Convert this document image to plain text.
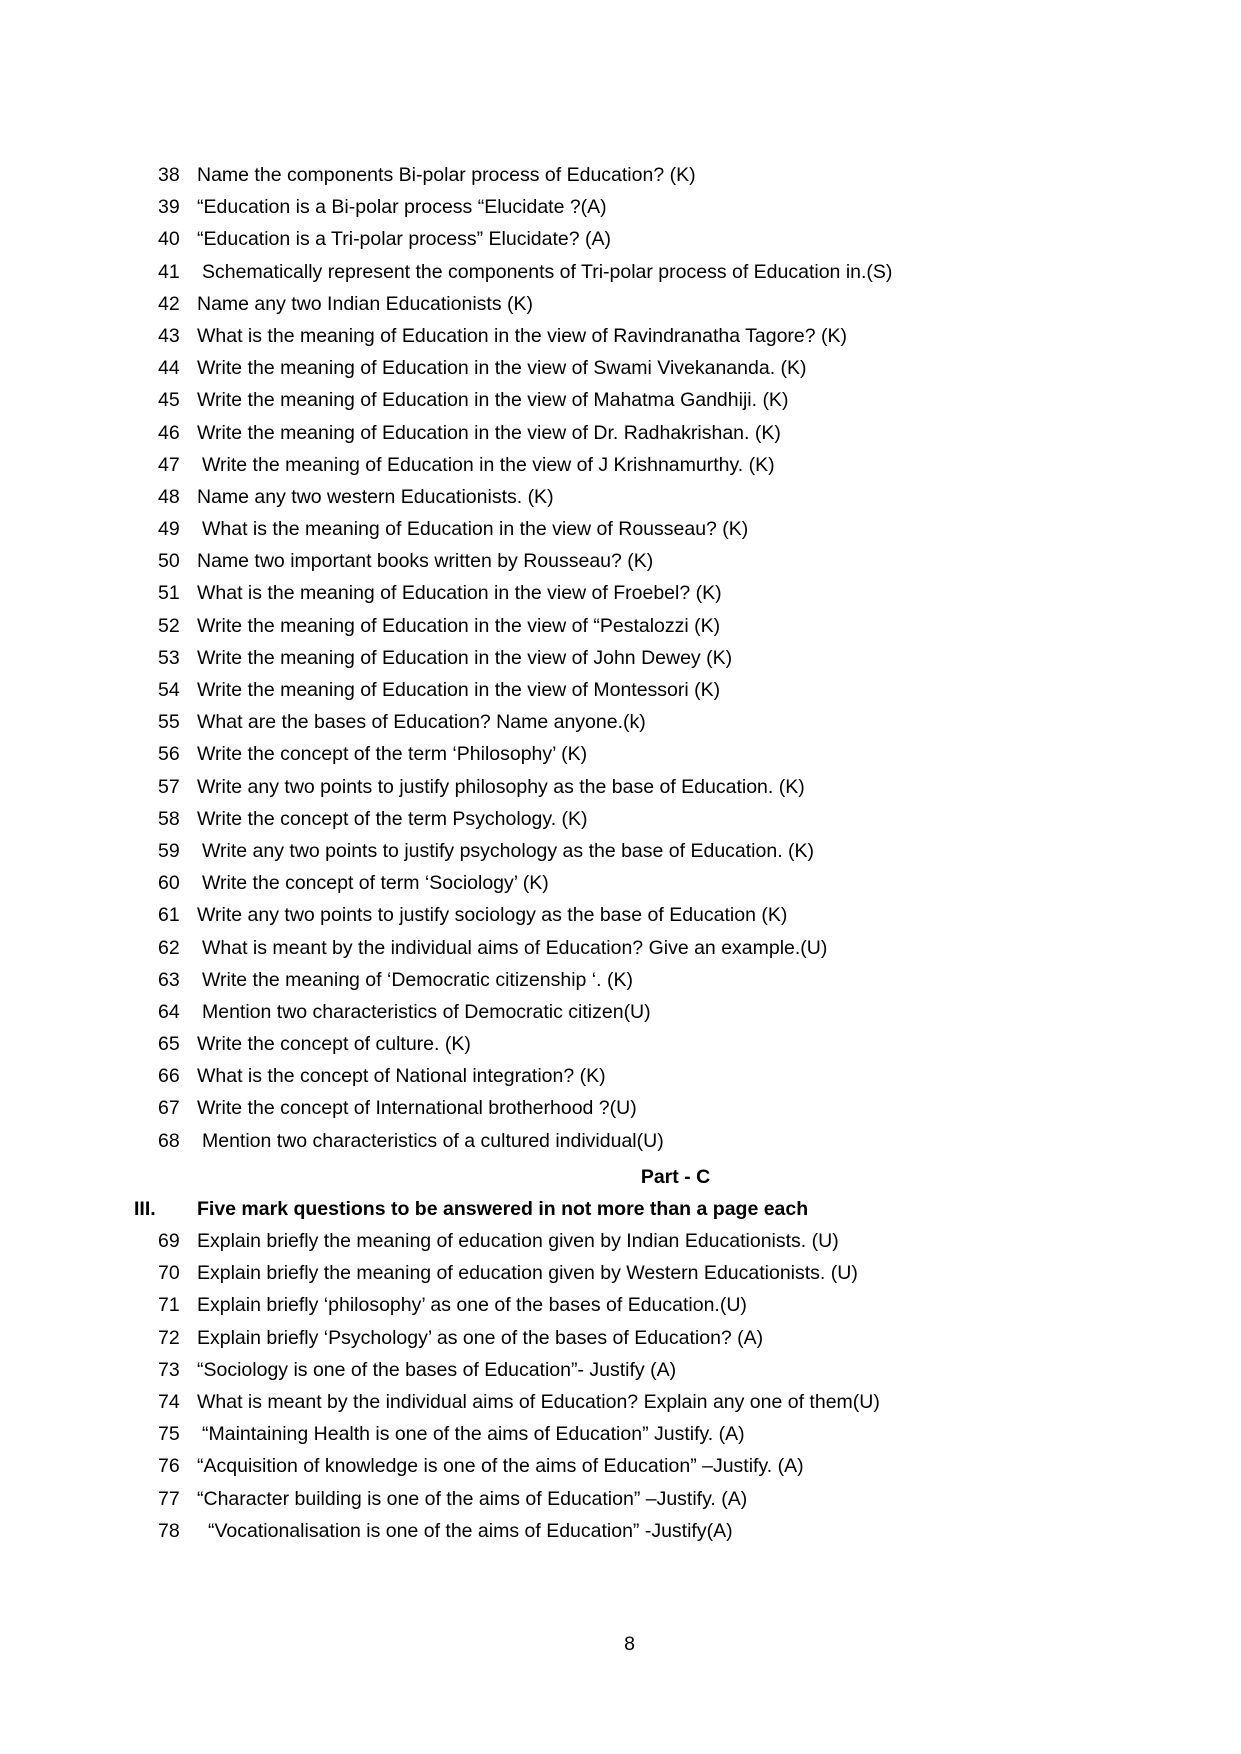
38 Name the components Bi-polar process of Education? (K)
39 “Education is a Bi-polar process “Elucidate ?(A)
40 “Education is a Tri-polar process” Elucidate? (A)
41	Schematically represent the components of Tri-polar process of Education in.(S)
42 Name any two Indian Educationists (K)
43 What is the meaning of Education in the view of Ravindranatha Tagore? (K)
44 Write the meaning of Education in the view of Swami Vivekananda. (K)
45 Write the meaning of Education in the view of Mahatma Gandhiji. (K)
46 Write the meaning of Education in the view of Dr. Radhakrishan. (K)
47	Write the meaning of Education in the view of J Krishnamurthy. (K)
48 Name any two western Educationists. (K)
49	What is the meaning of Education in the view of Rousseau? (K)
50 Name two important books written by Rousseau? (K)
51 What is the meaning of Education in the view of Froebel? (K)
52 Write the meaning of Education in the view of “Pestalozzi (K)
53 Write the meaning of Education in the view of John Dewey (K)
54 Write the meaning of Education in the view of Montessori (K)
55 What are the bases of Education? Name anyone.(k)
56 Write the concept of the term ‘Philosophy’ (K)
57 Write any two points to justify philosophy as the base of Education. (K)
58 Write the concept of the term Psychology. (K)
59	Write any two points to justify psychology as the base of Education. (K)
60	Write the concept of term ‘Sociology’ (K)
61 Write any two points to justify sociology as the base of Education (K)
62	What is meant by the individual aims of Education? Give an example.(U)
63	Write the meaning of ‘Democratic citizenship ‘. (K)
64	Mention two characteristics of Democratic citizen(U)
65 Write the concept of culture. (K)
66 What is the concept of National integration? (K)
67 Write the concept of International brotherhood ?(U)
68	Mention two characteristics of a cultured individual(U)
Part - C
III. Five mark questions to be answered in not more than a page each
69 Explain briefly the meaning of education given by Indian Educationists. (U)
70 Explain briefly the meaning of education given by Western Educationists. (U)
71 Explain briefly ‘philosophy’ as one of the bases of Education.(U)
72 Explain briefly ‘Psychology’ as one of the bases of Education? (A)
73 “Sociology is one of the bases of Education”- Justify (A)
74 What is meant by the individual aims of Education? Explain any one of them(U)
75	“Maintaining Health is one of the aims of Education” Justify. (A)
76 “Acquisition of knowledge is one of the aims of Education” –Justify. (A)
77 “Character building is one of the aims of Education” –Justify. (A)
78	“Vocationalisation is one of the aims of Education” -Justify(A)
8
